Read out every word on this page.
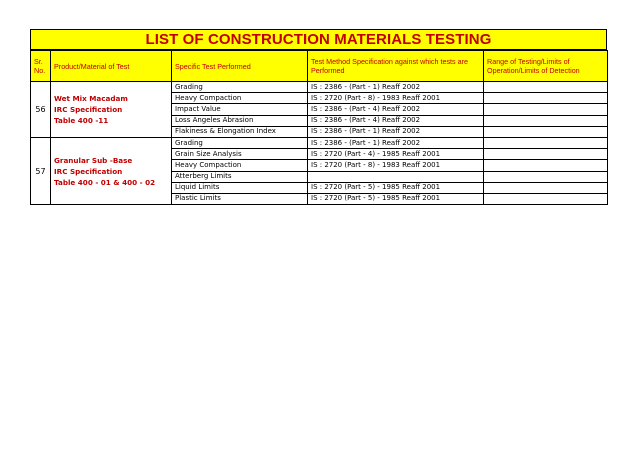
LIST OF CONSTRUCTION MATERIALS TESTING
Sr.
No.	Product/Material of Test	Specific Test Performed	Test Method Specification against which tests are Performed	Range of Testing/Limits of Operation/Limits of Detection
56	Wet Mix Macadam
IRC Specification
Table 400 -11	Grading	IS : 2386 - (Part - 1) Reaff 2002	
		Heavy Compaction	IS : 2720 (Part - 8) - 1983 Reaff 2001	
		Impact Value	IS : 2386 - (Part - 4) Reaff 2002	
		Loss Angeles Abrasion	IS : 2386 - (Part - 4) Reaff 2002	
		Flakiness & Elongation Index	IS : 2386 - (Part - 1) Reaff 2002	
57	Granular Sub -Base
IRC Specification
Table 400 - 01 & 400 - 02	Grading	IS : 2386 - (Part - 1) Reaff 2002	
		Grain Size Analysis	IS : 2720 (Part - 4) - 1985 Reaff 2001	
		Heavy Compaction	IS : 2720 (Part - 8) - 1983 Reaff 2001	
		Atterberg Limits		
		Liquid Limits	IS : 2720 (Part - 5) - 1985 Reaff 2001	
		Plastic Limits	IS : 2720 (Part - 5) - 1985 Reaff 2001	
